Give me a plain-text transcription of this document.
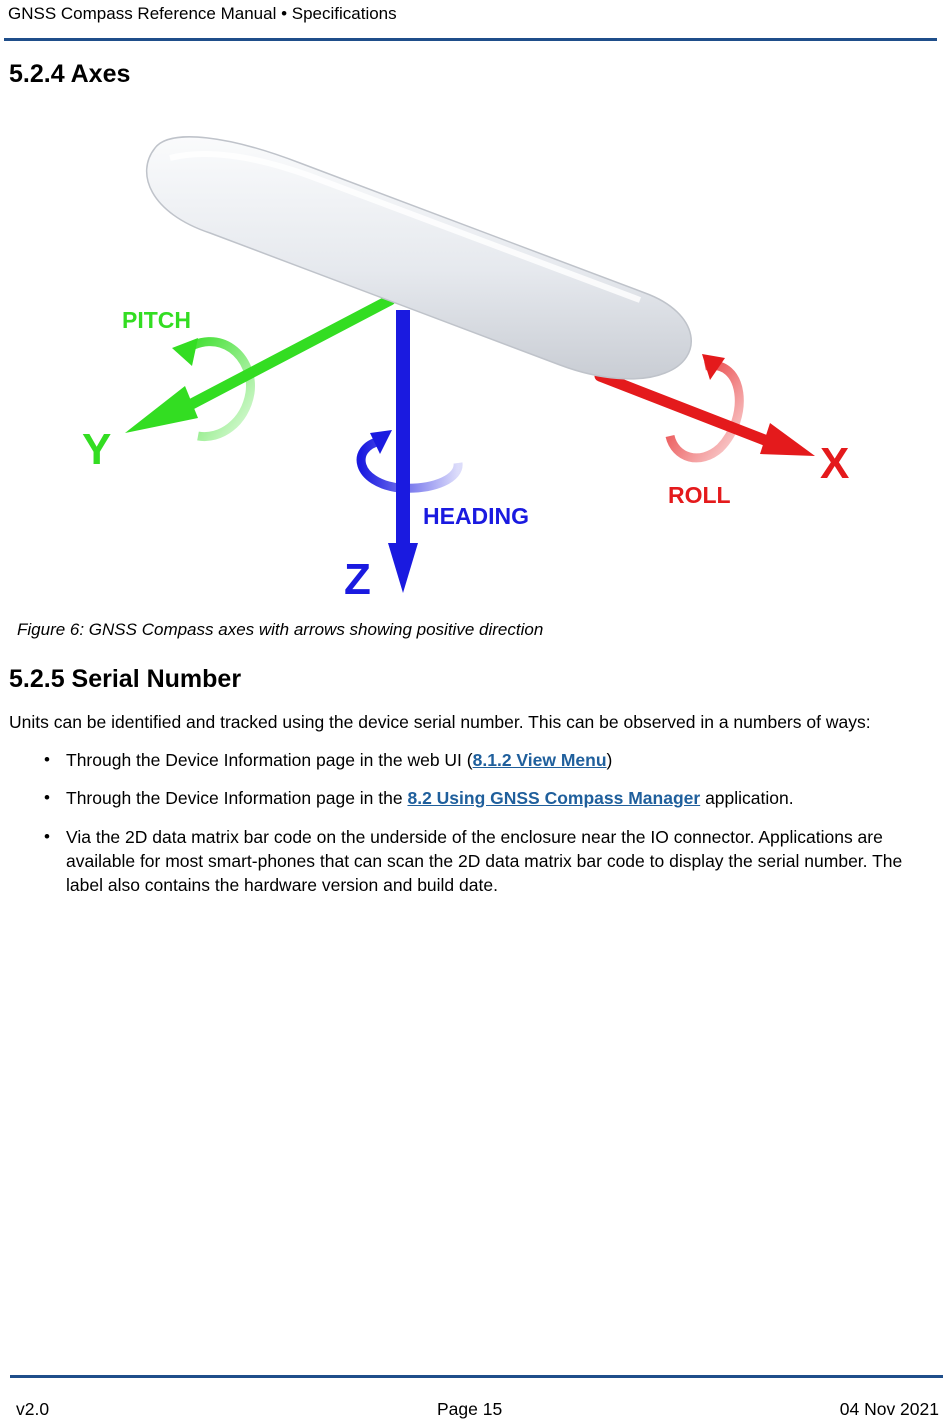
GNSS Compass Reference Manual • Specifications
5.2.4 Axes
PITCH
Y
Z
HEADING
ROLL
X
Figure 6: GNSS Compass axes with arrows showing positive direction
5.2.5 Serial Number
Units can be identified and tracked using the device serial number. This can be observed in a numbers of ways:
• Through the Device Information page in the web UI (8.1.2 View Menu)
• Through the Device Information page in the 8.2 Using GNSS Compass Manager application.
• Via the 2D data matrix bar code on the underside of the enclosure near the IO connector. Applications are available for most smart-phones that can scan the 2D data matrix bar code to display the serial number. The label also contains the hardware version and build date.
v2.0	Page 15	04 Nov 2021
